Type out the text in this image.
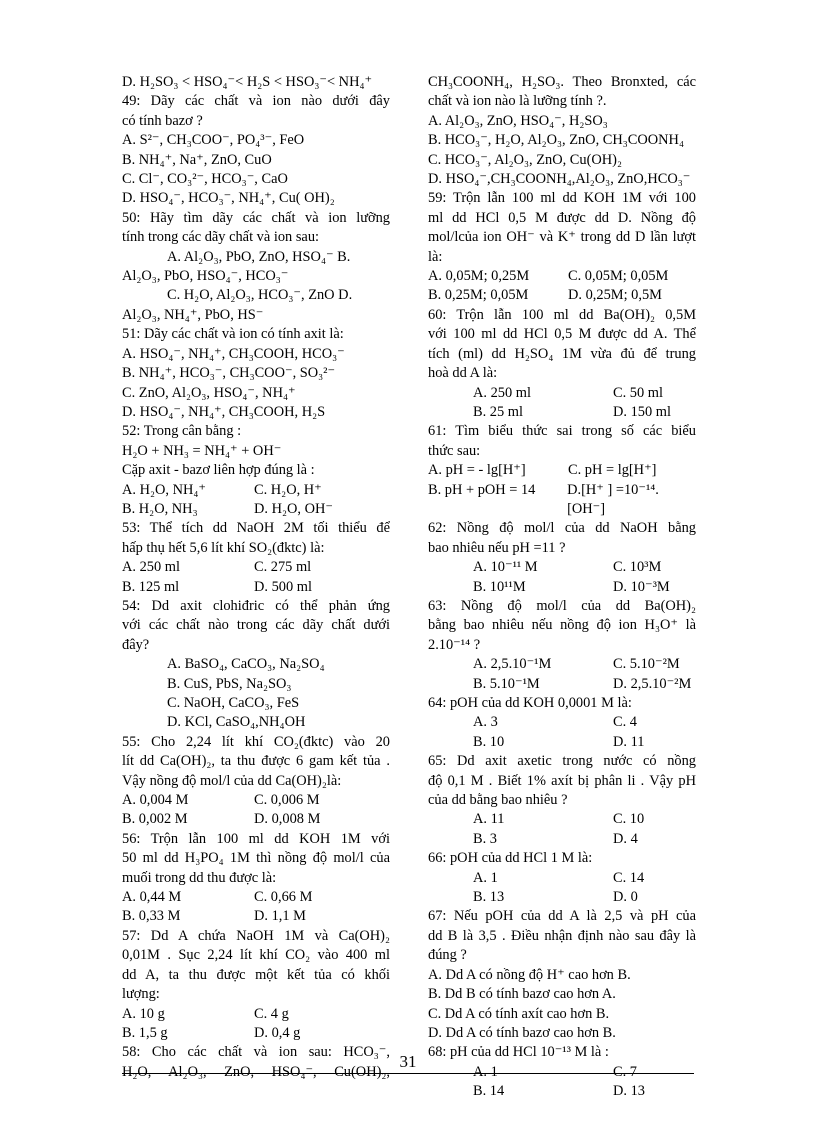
D. H₂SO₃ < HSO₄⁻< H₂S < HSO₃⁻< NH₄⁺
49: Dãy các chất và ion nào dưới đây
có tính bazơ ?
A. S²⁻, CH₃COO⁻, PO₄³⁻, FeO
B. NH₄⁺, Na⁺, ZnO, CuO
C. Cl⁻, CO₃²⁻, HCO₃⁻, CaO
D. HSO₄⁻, HCO₃⁻, NH₄⁺, Cu( OH)₂
50: Hãy tìm dãy các chất và ion lưỡng
tính trong các dãy chất và ion sau:
A. Al₂O₃, PbO, ZnO, HSO₄⁻ B.
Al₂O₃, PbO, HSO₄⁻, HCO₃⁻
C. H₂O, Al₂O₃, HCO₃⁻, ZnO D.
Al₂O₃, NH₄⁺, PbO, HS⁻
51: Dãy các chất và ion có tính axit là:
A. HSO₄⁻, NH₄⁺, CH₃COOH, HCO₃⁻
B. NH₄⁺, HCO₃⁻, CH₃COO⁻, SO₃²⁻
C. ZnO, Al₂O₃, HSO₄⁻, NH₄⁺
D. HSO₄⁻, NH₄⁺, CH₃COOH, H₂S
52: Trong cân bằng :
H₂O + NH₃ = NH₄⁺ + OH⁻
Cặp axit - bazơ liên hợp đúng là :
A. H₂O, NH₄⁺	C. H₂O, H⁺
B. H₂O, NH₃	D. H₂O, OH⁻
53: Thể tích dd NaOH 2M tối thiểu để
hấp thụ hết 5,6 lít khí SO₂(đktc) là:
A. 250 ml	C. 275 ml
B. 125 ml	D. 500 ml
54: Dd axit clohiđric có thể phản ứng
với các chất nào trong các dãy chất dưới
đây?
A. BaSO₄, CaCO₃, Na₂SO₄
B. CuS, PbS, Na₂SO₃
C. NaOH, CaCO₃, FeS
D. KCl, CaSO₄,NH₄OH
55: Cho 2,24 lít khí CO₂(đktc) vào 20
lít dd Ca(OH)₂, ta thu được 6 gam kết tủa .
Vậy nồng độ mol/l của dd Ca(OH)₂là:
A. 0,004 M	C. 0,006 M
B. 0,002 M	D. 0,008 M
56: Trộn lẫn 100 ml dd KOH 1M với
50 ml dd H₃PO₄ 1M thì nồng độ mol/l của
muối trong dd thu được là:
A. 0,44 M	C. 0,66 M
B. 0,33 M	D. 1,1 M
57: Dd A chứa NaOH 1M và Ca(OH)₂
0,01M . Sục 2,24 lít khí CO₂ vào 400 ml
dd A, ta thu được một kết tủa có khối
lượng:
A. 10 g	C. 4 g
B. 1,5 g	D. 0,4 g
58: Cho các chất và ion sau: HCO₃⁻,
H₂O, Al₂O₃, ZnO, HSO₄⁻, Cu(OH)₂,
CH₃COONH₄, H₂SO₃. Theo Bronxted, các
chất và ion nào là lưỡng tính ?.
A. Al₂O₃, ZnO, HSO₄⁻, H₂SO₃
B. HCO₃⁻, H₂O, Al₂O₃, ZnO, CH₃COONH₄
C. HCO₃⁻, Al₂O₃, ZnO, Cu(OH)₂
D. HSO₄⁻,CH₃COONH₄,Al₂O₃, ZnO,HCO₃⁻
59: Trộn lẫn 100 ml dd KOH 1M với 100
ml dd HCl 0,5 M được dd D. Nồng độ
mol/lcủa ion OH⁻ và K⁺ trong dd D lần lượt
là:
A. 0,05M; 0,25M	C. 0,05M; 0,05M
B. 0,25M; 0,05M	D. 0,25M; 0,5M
60: Trộn lẫn 100 ml dd Ba(OH)₂ 0,5M
với 100 ml dd HCl 0,5 M được dd A. Thể
tích (ml) dd H₂SO₄ 1M vừa đủ để trung
hoà dd A là:
A. 250 ml	C. 50 ml
B. 25 ml	D. 150 ml
61: Tìm biểu thức sai trong số các biểu
thức sau:
A. pH = - lg[H⁺]	C. pH = lg[H⁺]
B. pH + pOH = 14	D.[H⁺ ] =10⁻¹⁴.[OH⁻]
62: Nồng độ mol/l của dd NaOH bằng
bao nhiêu nếu pH =11 ?
A. 10⁻¹¹ M	C. 10³M
B. 10¹¹M	D. 10⁻³M
63: Nồng độ mol/l của dd Ba(OH)₂
bằng bao nhiêu nếu nồng độ ion H₃O⁺ là
2.10⁻¹⁴ ?
A. 2,5.10⁻¹M	C. 5.10⁻²M
B. 5.10⁻¹M	D. 2,5.10⁻²M
64: pOH của dd KOH 0,0001 M là:
A. 3	C. 4
B. 10	D. 11
65: Dd axit axetic trong nước có nồng
độ 0,1 M . Biết 1% axít bị phân li . Vậy pH
của dd bằng bao nhiêu ?
A. 11	C. 10
B. 3	D. 4
66: pOH của dd HCl 1 M là:
A. 1	C. 14
B. 13	D. 0
67: Nếu pOH của dd A là 2,5 và pH của
dd B là 3,5 . Điều nhận định nào sau đây là
đúng ?
A. Dd A có nồng độ H⁺ cao hơn B.
B. Dd B có tính bazơ cao hơn A.
C. Dd A có tính axít cao hơn B.
D. Dd A có tính bazơ cao hơn B.
68: pH của dd HCl 10⁻¹³ M là :
A. 1	C. 7
B. 14	D. 13
31
